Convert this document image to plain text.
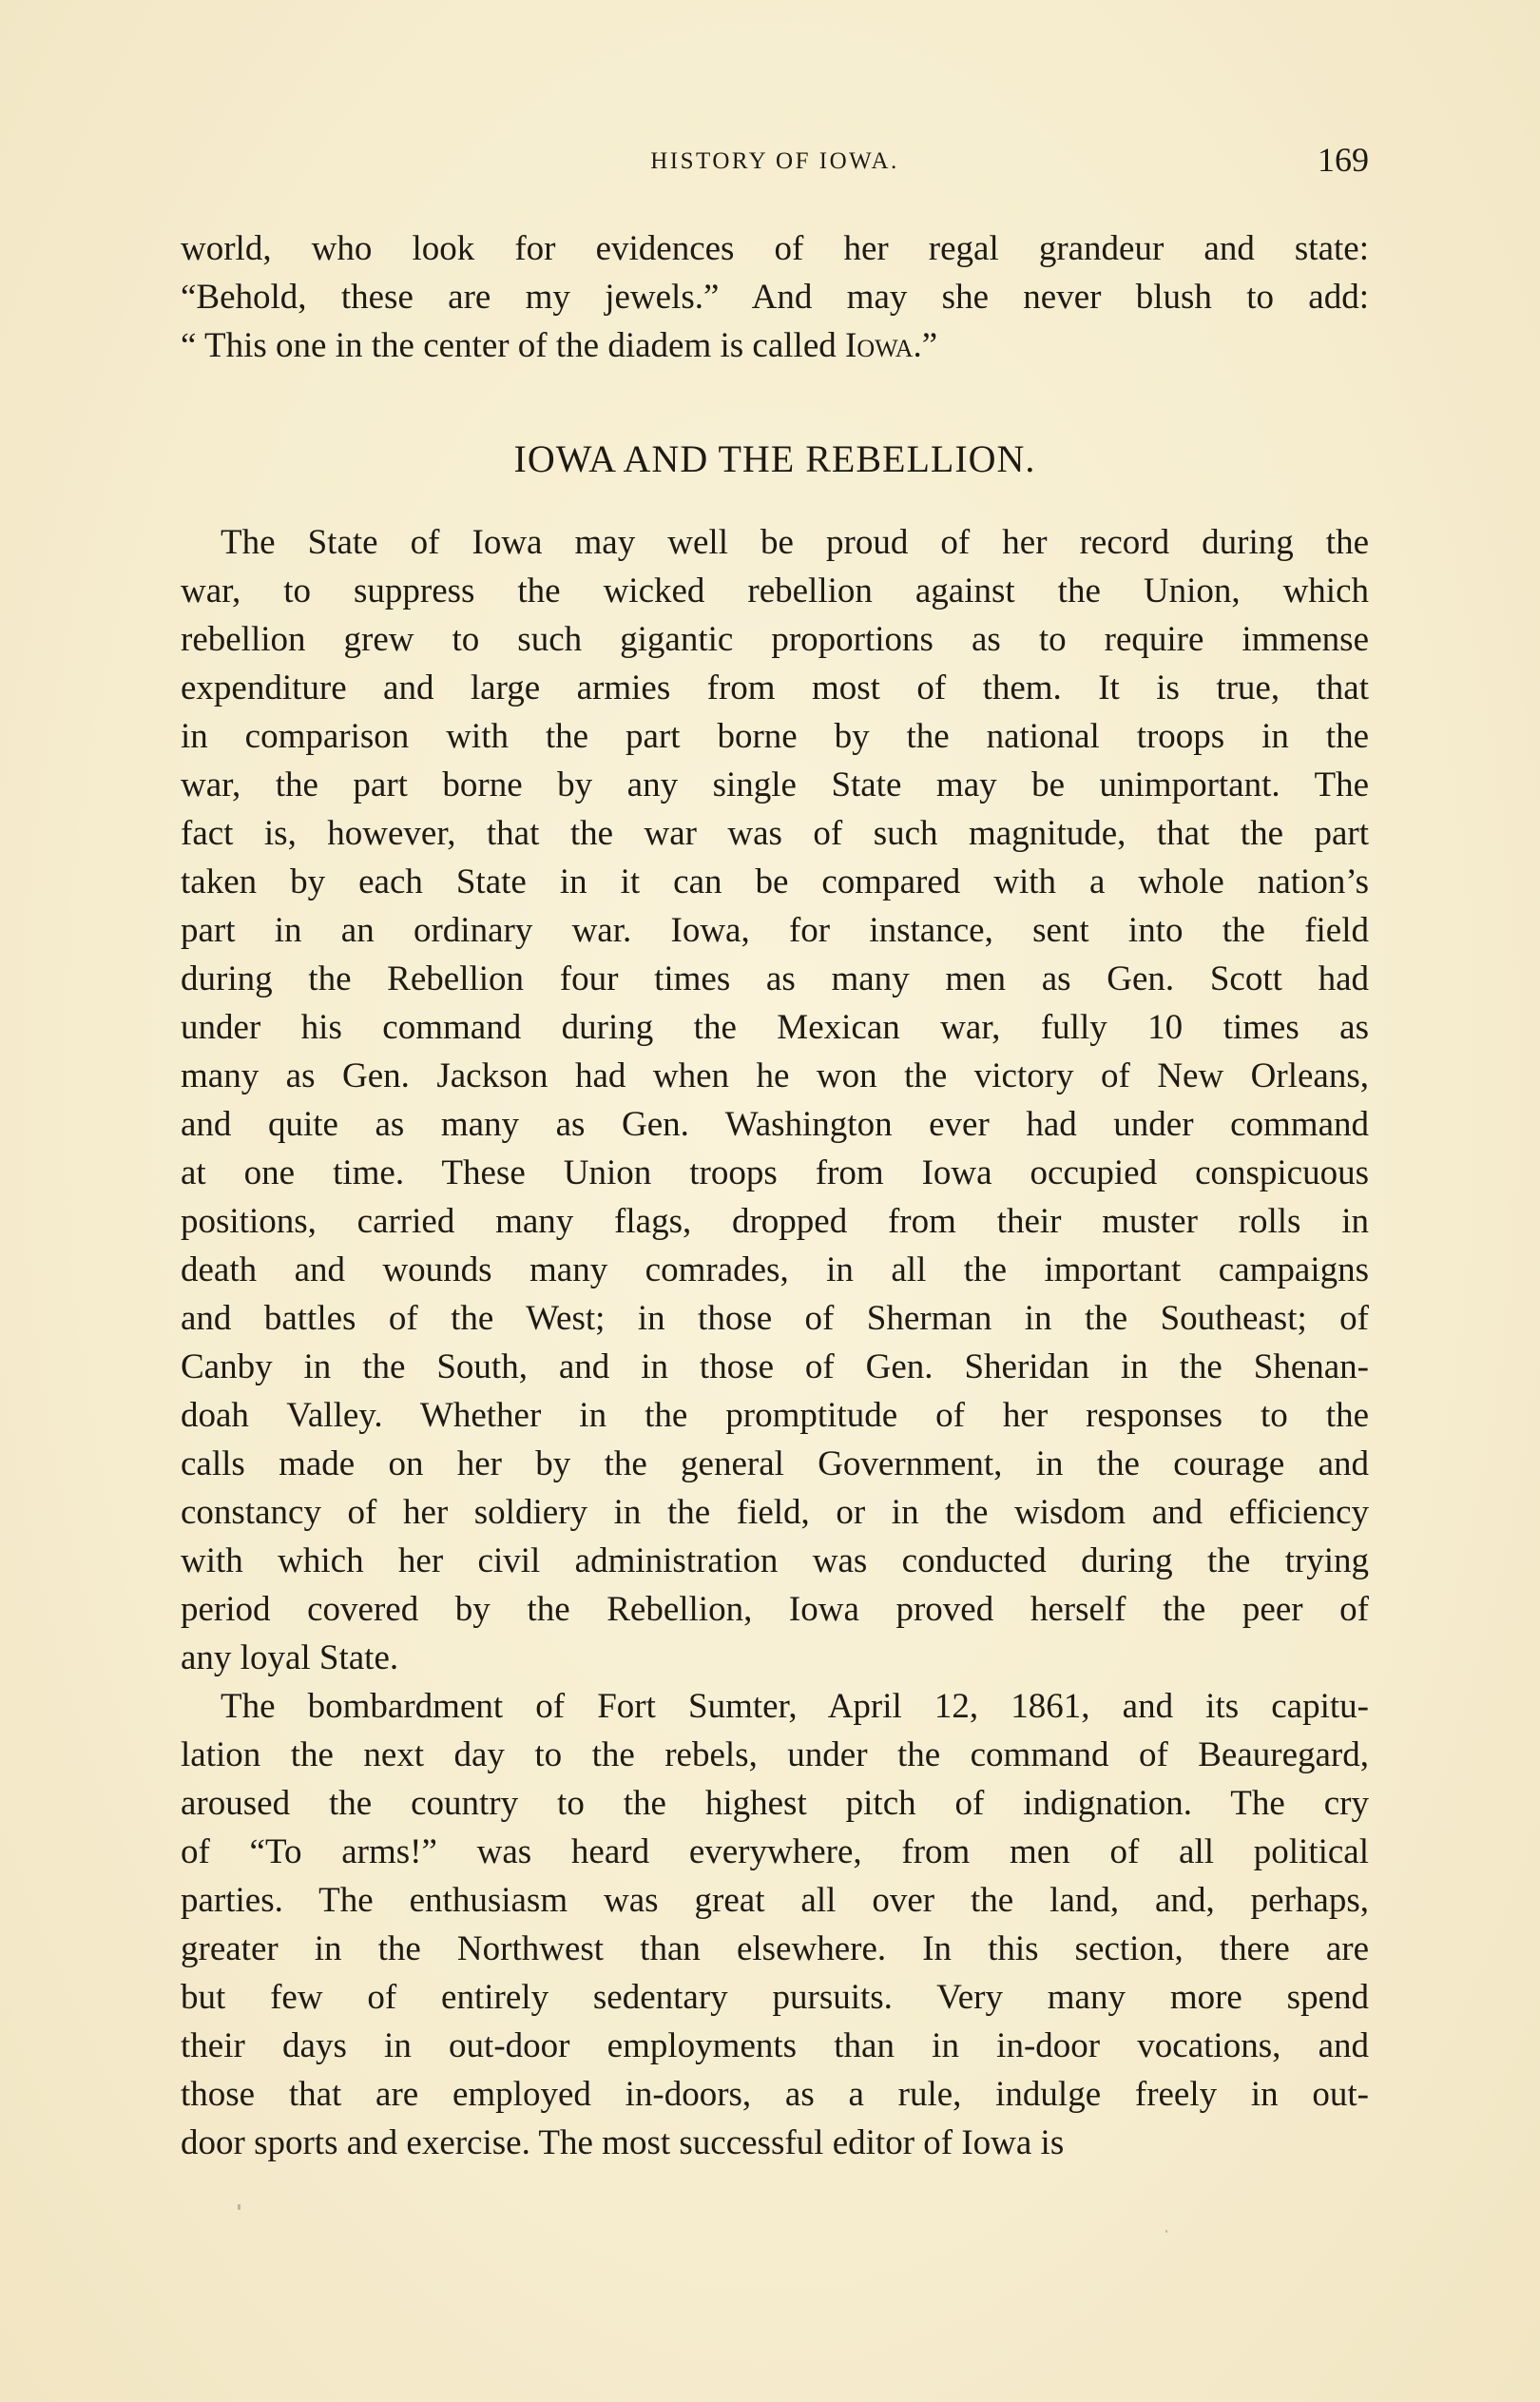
HISTORY OF IOWA.	169
world, who look for evidences of her regal grandeur and state:
“Behold, these are my jewels.” And may she never blush to add:
“ This one in the center of the diadem is called Iowa.”
IOWA AND THE REBELLION.
The State of Iowa may well be proud of her record during the
war, to suppress the wicked rebellion against the Union, which
rebellion grew to such gigantic proportions as to require immense
expenditure and large armies from most of them. It is true, that
in comparison with the part borne by the national troops in the
war, the part borne by any single State may be unimportant. The
fact is, however, that the war was of such magnitude, that the part
taken by each State in it can be compared with a whole nation’s
part in an ordinary war. Iowa, for instance, sent into the field
during the Rebellion four times as many men as Gen. Scott had
under his command during the Mexican war, fully 10 times as
many as Gen. Jackson had when he won the victory of New Orleans,
and quite as many as Gen. Washington ever had under command
at one time. These Union troops from Iowa occupied conspicuous
positions, carried many flags, dropped from their muster rolls in
death and wounds many comrades, in all the important campaigns
and battles of the West; in those of Sherman in the Southeast; of
Canby in the South, and in those of Gen. Sheridan in the Shenan-
doah Valley. Whether in the promptitude of her responses to the
calls made on her by the general Government, in the courage and
constancy of her soldiery in the field, or in the wisdom and efficiency
with which her civil administration was conducted during the trying
period covered by the Rebellion, Iowa proved herself the peer of
any loyal State.
The bombardment of Fort Sumter, April 12, 1861, and its capitu-
lation the next day to the rebels, under the command of Beauregard,
aroused the country to the highest pitch of indignation. The cry
of “To arms!” was heard everywhere, from men of all political
parties. The enthusiasm was great all over the land, and, perhaps,
greater in the Northwest than elsewhere. In this section, there are
but few of entirely sedentary pursuits. Very many more spend
their days in out-door employments than in in-door vocations, and
those that are employed in-doors, as a rule, indulge freely in out-
door sports and exercise. The most successful editor of Iowa is
